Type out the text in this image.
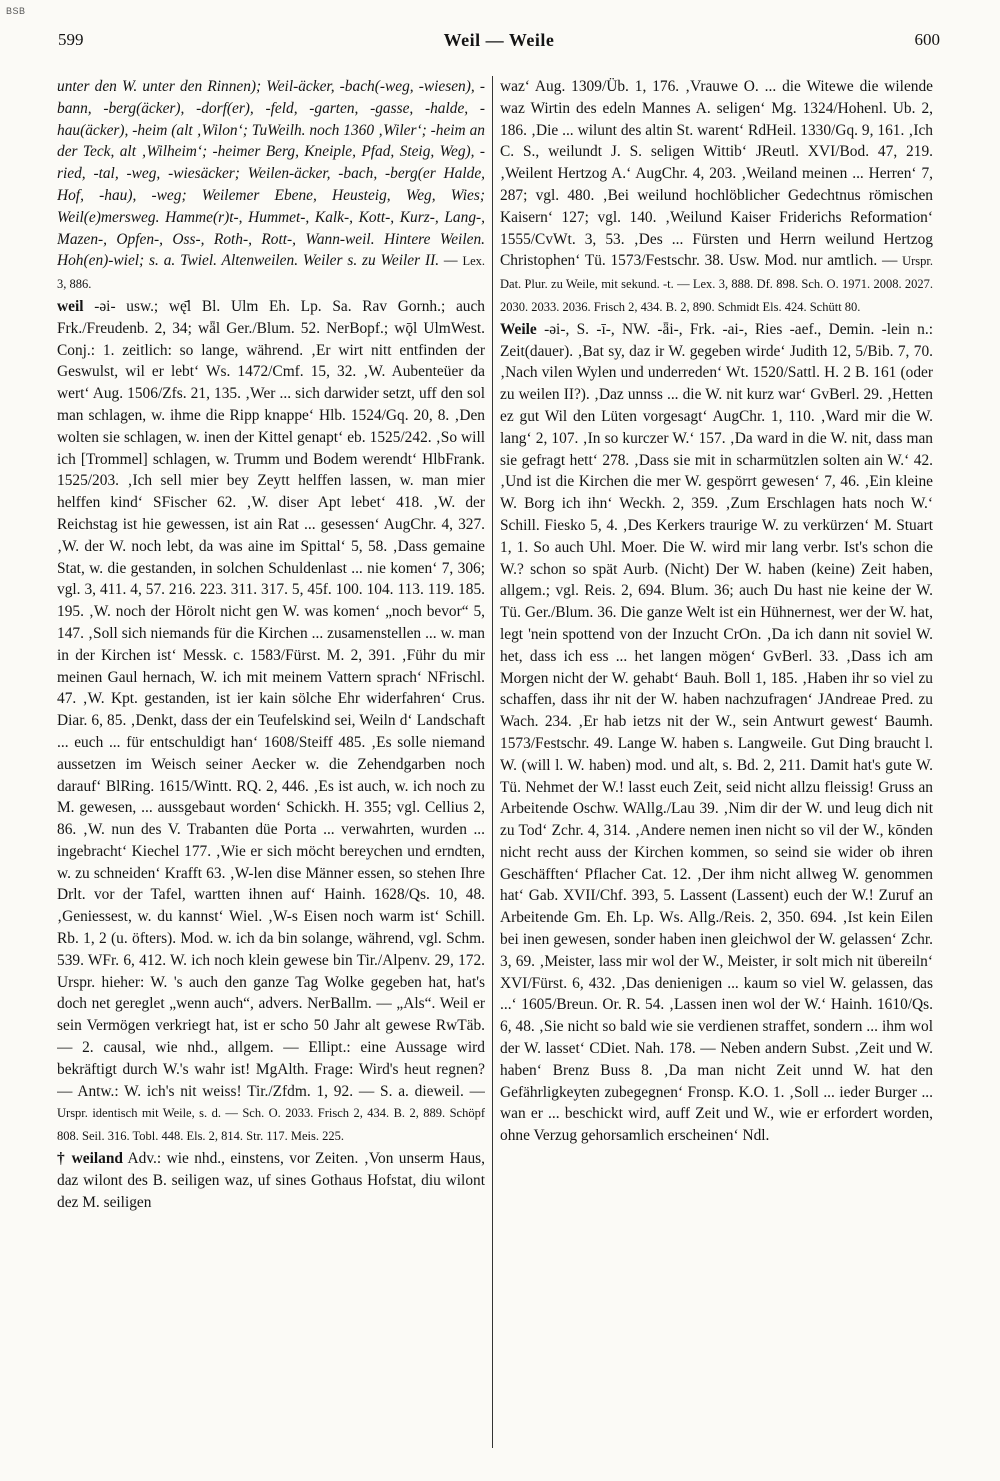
BSB
599	Weil — Weile	600

unter den W. unter den Rinnen); Weil-äcker, -bach(-weg, -wiesen), -bann, -berg(äcker), -dorf(er), -feld, -garten, -gasse, -halde, -hau(äcker), -heim (alt ‚Wilon‘; TuWeilh. noch 1360 ‚Wiler‘; -heim an der Teck, alt ‚Wilheim‘; -heimer Berg, Kneiple, Pfad, Steig, Weg), -ried, -tal, -weg, -wiesäcker; Weilen-äcker, -bach, -berg(er Halde, Hof, -hau), -weg; Weilemer Ebene, Heusteig, Weg, Wies; Weil(e)mersweg. Hamme(r)t-, Hummet-, Kalk-, Kott-, Kurz-, Lang-, Mazen-, Opfen-, Oss-, Roth-, Rott-, Wann-weil. Hintere Weilen. Hoh(en)-wiel; s. a. Twiel. Altenweilen. Weiler s. zu Weiler II. — Lex. 3, 886.

weil -əi- usw.; wę̄l Bl. Ulm Eh. Lp. Sa. Rav Gornh.; auch Frk./Freudenb. 2, 34; wǟl Ger./Blum. 52. NerBopf.; wǭl UlmWest. Conj.: 1. zeitlich: so lange, während. ‚Er wirt nitt entfinden der Geswulst, wil er lebt‘ Ws. 1472/Cmf. 15, 32. ‚W. Aubenteüer da wert‘ Aug. 1506/Zfs. 21, 135. ‚Wer ... sich darwider setzt, uff den sol man schlagen, w. ihme die Ripp knappe‘ Hlb. 1524/Gq. 20, 8. ‚Den wolten sie schlagen, w. inen der Kittel genapt‘ eb. 1525/242. ‚So will ich [Trommel] schlagen, w. Trumm und Bodem werendt‘ HlbFrank. 1525/203. ‚Ich sell mier bey Zeytt helffen lassen, w. man mier helffen kind‘ SFischer 62. ‚W. diser Apt lebet‘ 418. ‚W. der Reichstag ist hie gewessen, ist ain Rat ... gesessen‘ AugChr. 4, 327. ‚W. der W. noch lebt, da was aine im Spittal‘ 5, 58. ‚Dass gemaine Stat, w. die gestanden, in solchen Schuldenlast ... nie komen‘ 7, 306; vgl. 3, 411. 4, 57. 216. 223. 311. 317. 5, 45f. 100. 104. 113. 119. 185. 195. ‚W. noch der Hörolt nicht gen W. was komen‘ „noch bevor“ 5, 147. ‚Soll sich niemands für die Kirchen ... zusamenstellen ... w. man in der Kirchen ist‘ Messk. c. 1583/Fürst. M. 2, 391. ‚Führ du mir meinen Gaul hernach, W. ich mit meinem Vattern sprach‘ NFrischl. 47. ‚W. Kpt. gestanden, ist ier kain sölche Ehr widerfahren‘ Crus. Diar. 6, 85. ‚Denkt, dass der ein Teufelskind sei, Weiln d‘ Landschaft ... euch ... für entschuldigt han‘ 1608/Steiff 485. ‚Es solle niemand aussetzen im Weisch seiner Aecker w. die Zehendgarben noch darauf‘ BlRing. 1615/Wintt. RQ. 2, 446. ‚Es ist auch, w. ich noch zu M. gewesen, ... aussgebaut worden‘ Schickh. H. 355; vgl. Cellius 2, 86. ‚W. nun des V. Trabanten düe Porta ... verwahrten, wurden ... ingebracht‘ Kiechel 177. ‚Wie er sich möcht bereychen und erndten, w. zu schneiden‘ Krafft 63. ‚W-len dise Männer essen, so stehen Ihre Drlt. vor der Tafel, wartten ihnen auf‘ Hainh. 1628/Qs. 10, 48. ‚Geniessest, w. du kannst‘ Wiel. ‚W-s Eisen noch warm ist‘ Schill. Rb. 1, 2 (u. öfters). Mod. w. ich da bin solange, während, vgl. Schm. 539. WFr. 6, 412. W. ich noch klein gewese bin Tir./Alpenv. 29, 172. Urspr. hieher: W. 's auch den ganze Tag Wolke gegeben hat, hat's doch net gereglet „wenn auch“, advers. NerBallm. — „Als“. Weil er sein Vermögen verkriegt hat, ist er scho 50 Jahr alt gewese RwTäb. — 2. causal, wie nhd., allgem. — Ellipt.: eine Aussage wird bekräftigt durch W.'s wahr ist! MgAlth. Frage: Wird's heut regnen? — Antw.: W. ich's nit weiss! Tir./Zfdm. 1, 92. — S. a. dieweil. — Urspr. identisch mit Weile, s. d. — Sch. O. 2033. Frisch 2, 434. B. 2, 889. Schöpf 808. Seil. 316. Tobl. 448. Els. 2, 814. Str. 117. Meis. 225.

† weiland Adv.: wie nhd., einstens, vor Zeiten. ‚Von unserm Haus, daz wilont des B. seiligen waz, uf sines Gothaus Hofstat, diu wilont dez M. seiligen

waz‘ Aug. 1309/Üb. 1, 176. ‚Vrauwe O. ... die Witewe die wilende waz Wirtin des edeln Mannes A. seligen‘ Mg. 1324/Hohenl. Ub. 2, 186. ‚Die ... wilunt des altin St. warent‘ RdHeil. 1330/Gq. 9, 161. ‚Ich C. S., weilundt J. S. seligen Wittib‘ JReutl. XVI/Bod. 47, 219. ‚Weilent Hertzog A.‘ AugChr. 4, 203. ‚Weiland meinen ... Herren‘ 7, 287; vgl. 480. ‚Bei weilund hochlöblicher Gedechtnus römischen Kaisern‘ 127; vgl. 140. ‚Weilund Kaiser Friderichs Reformation‘ 1555/CvWt. 3, 53. ‚Des ... Fürsten und Herrn weilund Hertzog Christophen‘ Tü. 1573/Festschr. 38. Usw. Mod. nur amtlich. — Urspr. Dat. Plur. zu Weile, mit sekund. -t. — Lex. 3, 888. Df. 898. Sch. O. 1971. 2008. 2027. 2030. 2033. 2036. Frisch 2, 434. B. 2, 890. Schmidt Els. 424. Schütt 80.

Weile -əi-, S. -ī-, NW. -ǟi-, Frk. -ai-, Ries -aef., Demin. -lein n.: Zeit(dauer). ‚Bat sy, daz ir W. gegeben wirde‘ Judith 12, 5/Bib. 7, 70. ‚Nach vilen Wylen und underreden‘ Wt. 1520/Sattl. H. 2 B. 161 (oder zu weilen II?). ‚Daz unnss ... die W. nit kurz war‘ GvBerl. 29. ‚Hetten ez gut Wil den Lüten vorgesagt‘ AugChr. 1, 110. ‚Ward mir die W. lang‘ 2, 107. ‚In so kurczer W.‘ 157. ‚Da ward in die W. nit, dass man sie gefragt hett‘ 278. ‚Dass sie mit in scharmützlen solten ain W.‘ 42. ‚Und ist die Kirchen die mer W. gespörrt gewesen‘ 7, 46. ‚Ein kleine W. Borg ich ihn‘ Weckh. 2, 359. ‚Zum Erschlagen hats noch W.‘ Schill. Fiesko 5, 4. ‚Des Kerkers traurige W. zu verkürzen‘ M. Stuart 1, 1. So auch Uhl. Moer. Die W. wird mir lang verbr. Ist's schon die W.? schon so spät Aurb. (Nicht) Der W. haben (keine) Zeit haben, allgem.; vgl. Reis. 2, 694. Blum. 36; auch Du hast nie keine der W. Tü. Ger./Blum. 36. Die ganze Welt ist ein Hühnernest, wer der W. hat, legt 'nein spottend von der Inzucht CrOn. ‚Da ich dann nit soviel W. het, dass ich ess ... het langen mögen‘ GvBerl. 33. ‚Dass ich am Morgen nicht der W. gehabt‘ Bauh. Boll 1, 185. ‚Haben ihr so viel zu schaffen, dass ihr nit der W. haben nachzufragen‘ JAndreae Pred. zu Wach. 234. ‚Er hab ietzs nit der W., sein Antwurt gewest‘ Baumh. 1573/Festschr. 49. Lange W. haben s. Langweile. Gut Ding braucht l. W. (will l. W. haben) mod. und alt, s. Bd. 2, 211. Damit hat's gute W. Tü. Nehmet der W.! lasst euch Zeit, seid nicht allzu fleissig! Gruss an Arbeitende Oschw. WAllg./Lau 39. ‚Nim dir der W. und leug dich nit zu Tod‘ Zchr. 4, 314. ‚Andere nemen inen nicht so vil der W., kōnden nicht recht auss der Kirchen kommen, so seind sie wider ob ihren Geschäfften‘ Pflacher Cat. 12. ‚Der ihm nicht allweg W. genommen hat‘ Gab. XVII/Chf. 393, 5. Lassent (Lassent) euch der W.! Zuruf an Arbeitende Gm. Eh. Lp. Ws. Allg./Reis. 2, 350. 694. ‚Ist kein Eilen bei inen gewesen, sonder haben inen gleichwol der W. gelassen‘ Zchr. 3, 69. ‚Meister, lass mir wol der W., Meister, ir solt mich nit übereiln‘ XVI/Fürst. 6, 432. ‚Das denienigen ... kaum so viel W. gelassen, das ...‘ 1605/Breun. Or. R. 54. ‚Lassen inen wol der W.‘ Hainh. 1610/Qs. 6, 48. ‚Sie nicht so bald wie sie verdienen straffet, sondern ... ihm wol der W. lasset‘ CDiet. Nah. 178. — Neben andern Subst. ‚Zeit und W. haben‘ Brenz Buss 8. ‚Da man nicht Zeit unnd W. hat den Gefährligkeyten zubegegnen‘ Fronsp. K.O. 1. ‚Soll ... ieder Burger ... wan er ... beschickt wird, auff Zeit und W., wie er erfordert worden, ohne Verzug gehorsamlich erscheinen‘ Ndl.
